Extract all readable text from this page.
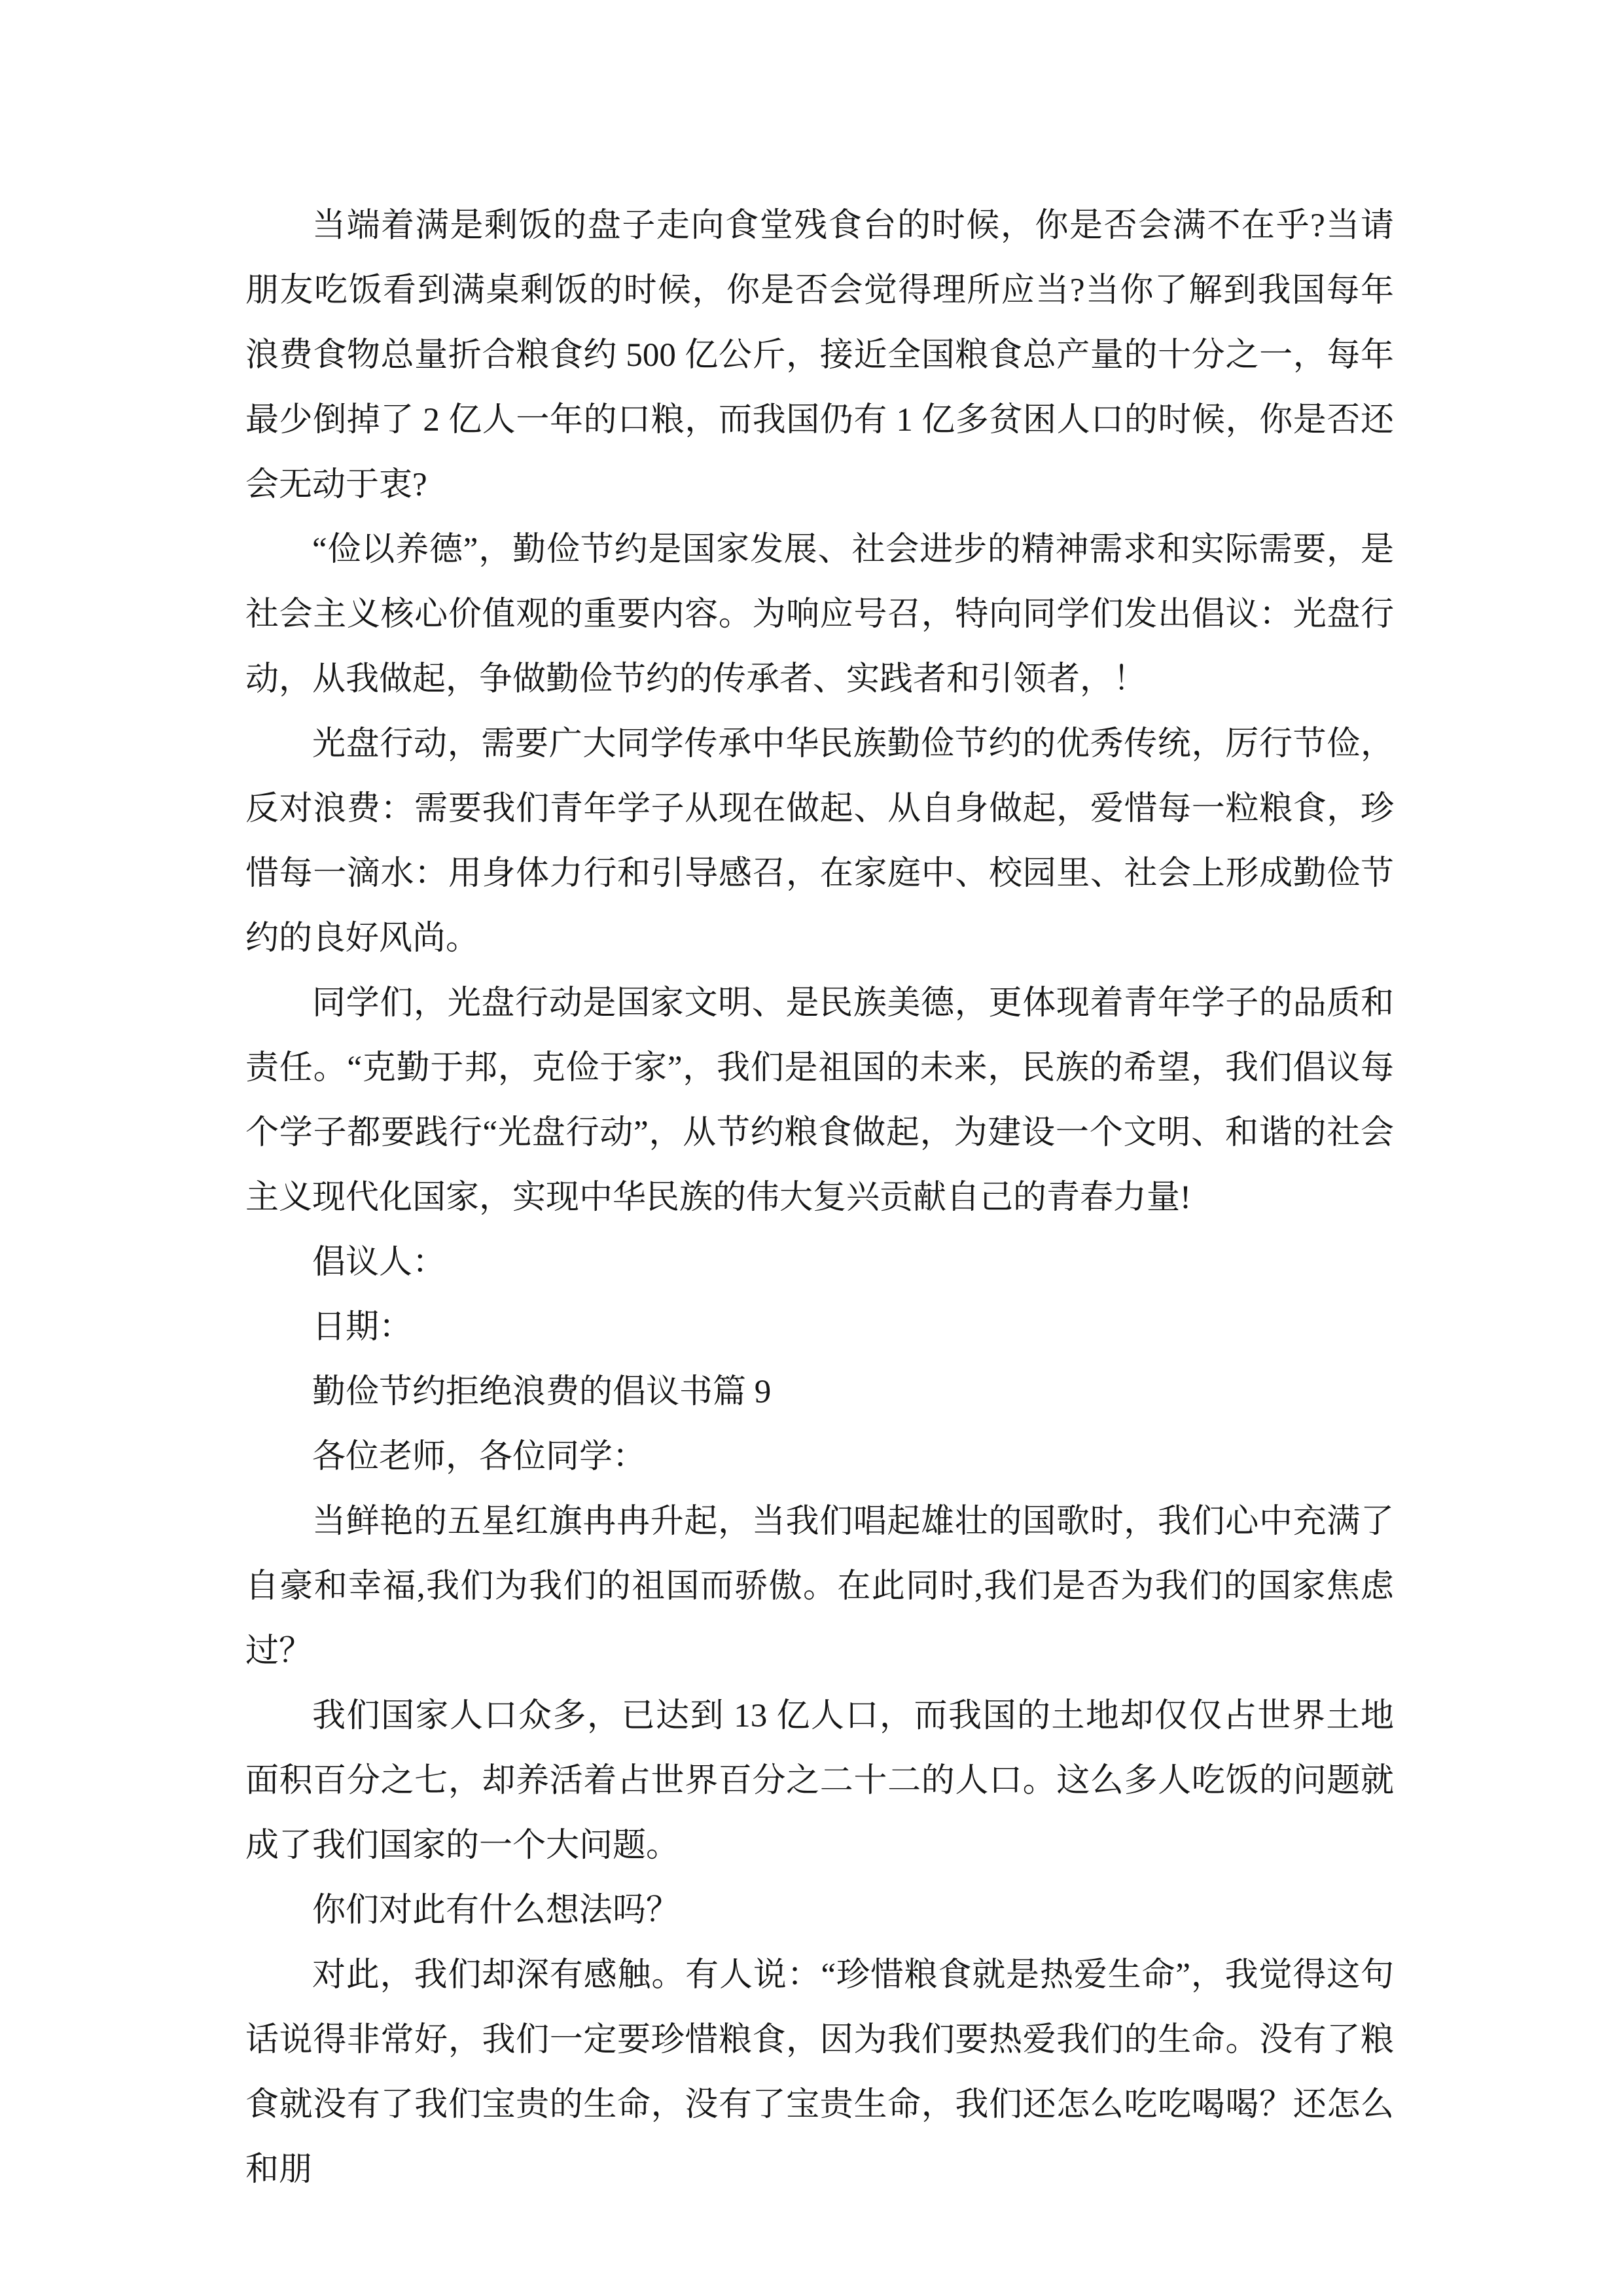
当端着满是剩饭的盘子走向食堂残食台的时候，你是否会满不在乎?当请朋友吃饭看到满桌剩饭的时候，你是否会觉得理所应当?当你了解到我国每年浪费食物总量折合粮食约 500 亿公斤，接近全国粮食总产量的十分之一，每年最少倒掉了 2 亿人一年的口粮，而我国仍有 1 亿多贫困人口的时候，你是否还会无动于衷?

“俭以养德”，勤俭节约是国家发展、社会进步的精神需求和实际需要，是社会主义核心价值观的重要内容。为响应号召，特向同学们发出倡议：光盘行动，从我做起，争做勤俭节约的传承者、实践者和引领者，！

光盘行动，需要广大同学传承中华民族勤俭节约的优秀传统，厉行节俭，反对浪费：需要我们青年学子从现在做起、从自身做起，爱惜每一粒粮食，珍惜每一滴水：用身体力行和引导感召，在家庭中、校园里、社会上形成勤俭节约的良好风尚。

同学们，光盘行动是国家文明、是民族美德，更体现着青年学子的品质和责任。“克勤于邦，克俭于家”，我们是祖国的未来，民族的希望，我们倡议每个学子都要践行“光盘行动”，从节约粮食做起，为建设一个文明、和谐的社会主义现代化国家，实现中华民族的伟大复兴贡献自己的青春力量!

倡议人：

日期：

勤俭节约拒绝浪费的倡议书篇 9

各位老师，各位同学：

当鲜艳的五星红旗冉冉升起，当我们唱起雄壮的国歌时，我们心中充满了自豪和幸福,我们为我们的祖国而骄傲。在此同时,我们是否为我们的国家焦虑过？

我们国家人口众多，已达到 13 亿人口，而我国的土地却仅仅占世界土地面积百分之七，却养活着占世界百分之二十二的人口。这么多人吃饭的问题就成了我们国家的一个大问题。

你们对此有什么想法吗？

对此，我们却深有感触。有人说：“珍惜粮食就是热爱生命”，我觉得这句话说得非常好，我们一定要珍惜粮食，因为我们要热爱我们的生命。没有了粮食就没有了我们宝贵的生命，没有了宝贵生命，我们还怎么吃吃喝喝？还怎么和朋
